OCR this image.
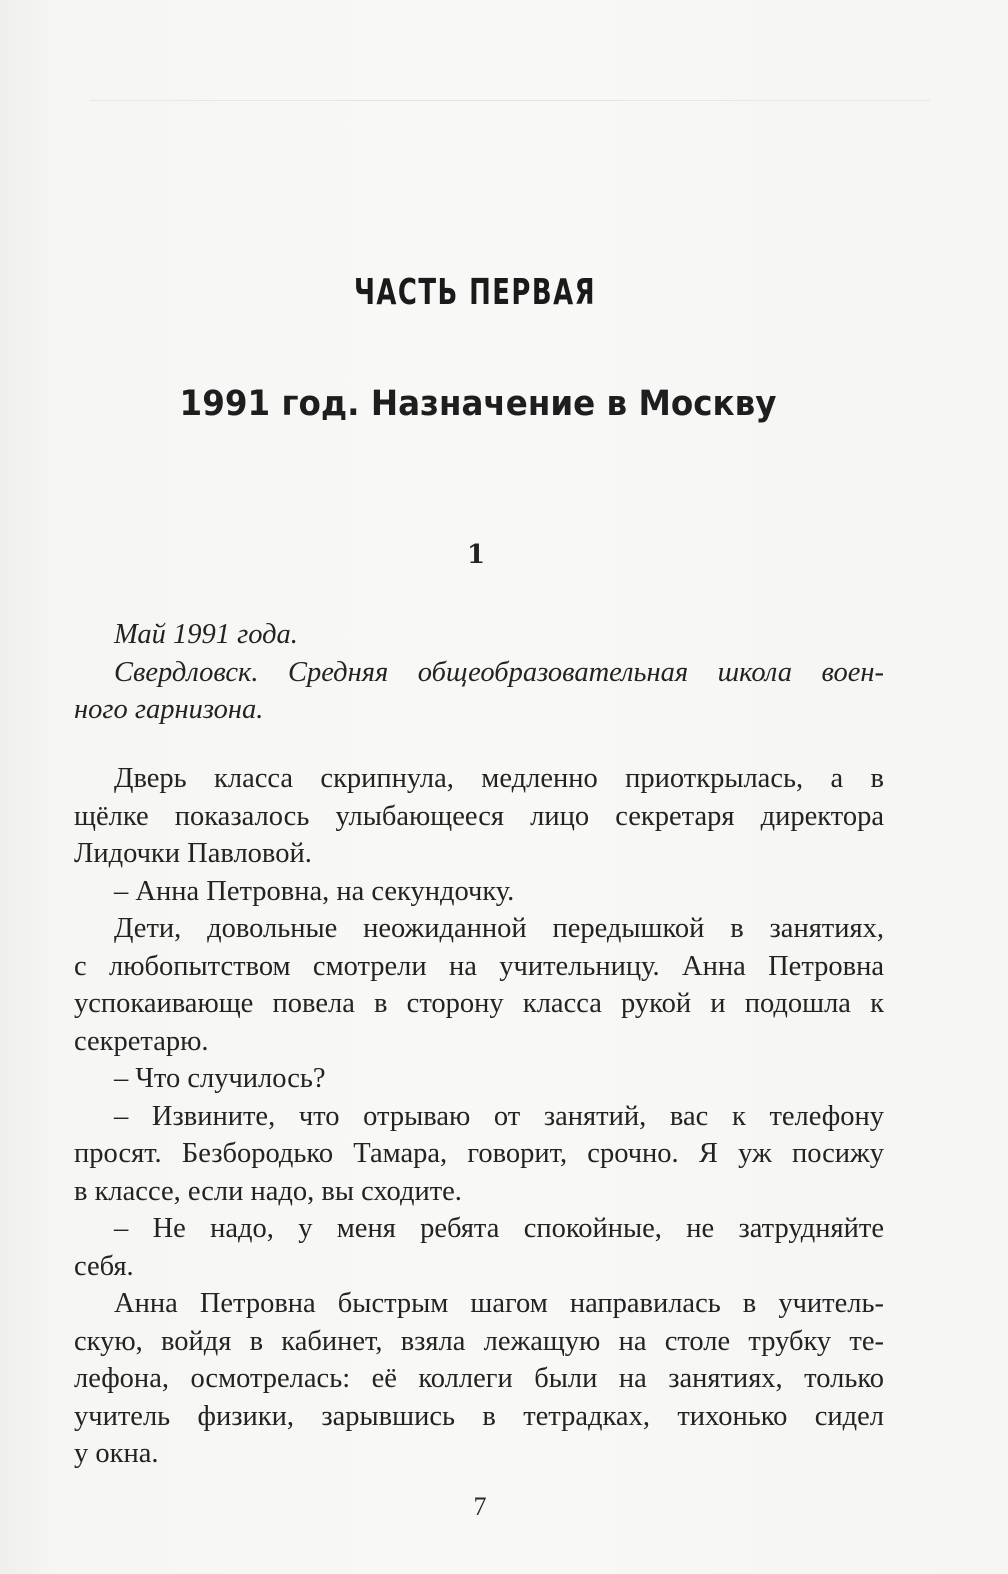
ЧАСТЬ ПЕРВАЯ
1991 год. Назначение в Москву
1
Май 1991 года.
Свердловск. Средняя общеобразовательная школа воен-
ного гарнизона.
Дверь класса скрипнула, медленно приоткрылась, а в
щёлке показалось улыбающееся лицо секретаря директора
Лидочки Павловой.
– Анна Петровна, на секундочку.
Дети, довольные неожиданной передышкой в занятиях,
с любопытством смотрели на учительницу. Анна Петровна
успокаивающе повела в сторону класса рукой и подошла к
секретарю.
– Что случилось?
– Извините, что отрываю от занятий, вас к телефону
просят. Безбородько Тамара, говорит, срочно. Я уж посижу
в классе, если надо, вы сходите.
– Не надо, у меня ребята спокойные, не затрудняйте
себя.
Анна Петровна быстрым шагом направилась в учитель-
скую, войдя в кабинет, взяла лежащую на столе трубку те-
лефона, осмотрелась: её коллеги были на занятиях, только
учитель физики, зарывшись в тетрадках, тихонько сидел
у окна.
7
